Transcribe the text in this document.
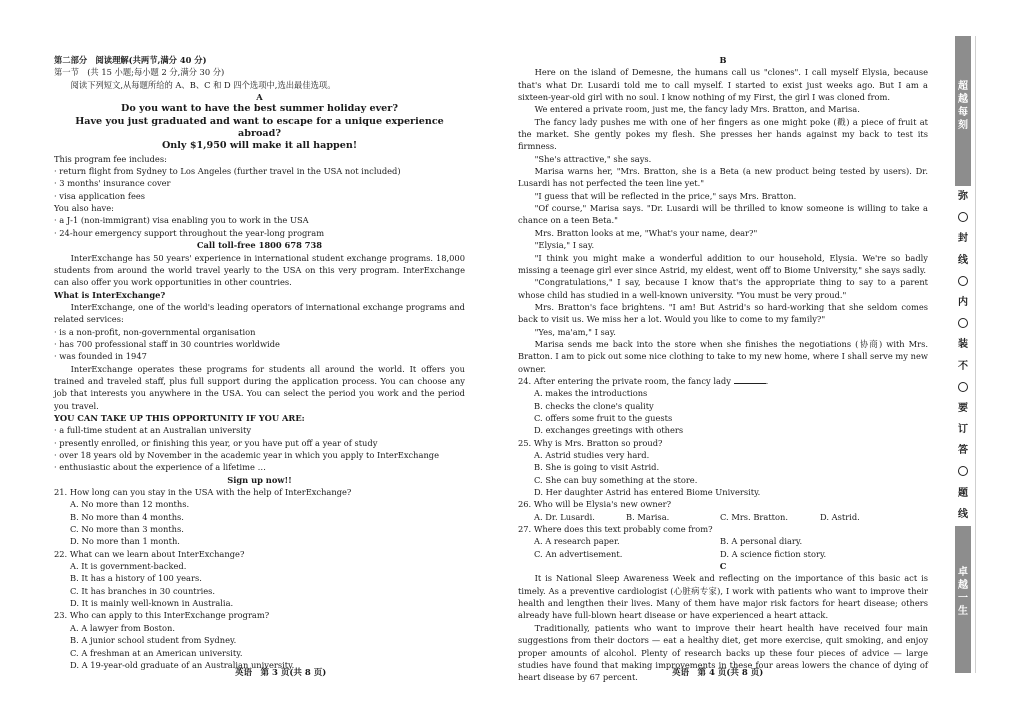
第二部分　阅读理解(共两节,满分 40 分)
第一节　(共 15 小题;每小题 2 分,满分 30 分)
阅读下列短文,从每题所给的 A、B、C 和 D 四个选项中,选出最佳选项。
A
Do you want to have the best summer holiday ever?
Have you just graduated and want to escape for a unique experience abroad?
Only $1,950 will make it all happen!
This program fee includes:
· return flight from Sydney to Los Angeles (further travel in the USA not included)
· 3 months' insurance cover
· visa application fees
You also have:
· a J-1 (non-immigrant) visa enabling you to work in the USA
· 24-hour emergency support throughout the year-long program
Call toll-free 1800 678 738
InterExchange has 50 years' experience in international student exchange programs. 18,000 students from around the world travel yearly to the USA on this very program. InterExchange can also offer you work opportunities in other countries.
What is InterExchange?
InterExchange, one of the world's leading operators of international exchange programs and related services:
· is a non-profit, non-governmental organisation
· has 700 professional staff in 30 countries worldwide
· was founded in 1947
InterExchange operates these programs for students all around the world. It offers you trained and traveled staff, plus full support during the application process. You can choose any job that interests you anywhere in the USA. You can select the period you work and the period you travel.
YOU CAN TAKE UP THIS OPPORTUNITY IF YOU ARE:
· a full-time student at an Australian university
· presently enrolled, or finishing this year, or you have put off a year of study
· over 18 years old by November in the academic year in which you apply to InterExchange
· enthusiastic about the experience of a lifetime …
Sign up now!!
21. How long can you stay in the USA with the help of InterExchange?
A. No more than 12 months.
B. No more than 4 months.
C. No more than 3 months.
D. No more than 1 month.
22. What can we learn about InterExchange?
A. It is government-backed.
B. It has a history of 100 years.
C. It has branches in 30 countries.
D. It is mainly well-known in Australia.
23. Who can apply to this InterExchange program?
A. A lawyer from Boston.
B. A junior school student from Sydney.
C. A freshman at an American university.
D. A 19-year-old graduate of an Australian university.
B
Here on the island of Demesne, the humans call us "clones". I call myself Elysia, because that's what Dr. Lusardi told me to call myself. I started to exist just weeks ago. But I am a sixteen-year-old girl with no soul. I know nothing of my First, the girl I was cloned from.
We entered a private room, just me, the fancy lady Mrs. Bratton, and Marisa.
The fancy lady pushes me with one of her fingers as one might poke (戳) a piece of fruit at the market. She gently pokes my flesh. She presses her hands against my back to test its firmness.
"She's attractive," she says.
Marisa warns her, "Mrs. Bratton, she is a Beta (a new product being tested by users). Dr. Lusardi has not perfected the teen line yet."
"I guess that will be reflected in the price," says Mrs. Bratton.
"Of course," Marisa says. "Dr. Lusardi will be thrilled to know someone is willing to take a chance on a teen Beta."
Mrs. Bratton looks at me, "What's your name, dear?"
"Elysia," I say.
"I think you might make a wonderful addition to our household, Elysia. We're so badly missing a teenage girl ever since Astrid, my eldest, went off to Biome University," she says sadly.
"Congratulations," I say, because I know that's the appropriate thing to say to a parent whose child has studied in a well-known university. "You must be very proud."
Mrs. Bratton's face brightens. "I am! But Astrid's so hard-working that she seldom comes back to visit us. We miss her a lot. Would you like to come to my family?"
"Yes, ma'am," I say.
Marisa sends me back into the store when she finishes the negotiations (协商) with Mrs. Bratton. I am to pick out some nice clothing to take to my new home, where I shall serve my new owner.
24. After entering the private room, the fancy lady	.
A. makes the introductions
B. checks the clone's quality
C. offers some fruit to the guests
D. exchanges greetings with others
25. Why is Mrs. Bratton so proud?
A. Astrid studies very hard.
B. She is going to visit Astrid.
C. She can buy something at the store.
D. Her daughter Astrid has entered Biome University.
26. Who will be Elysia's new owner?
A. Dr. Lusardi.	B. Marisa.	C. Mrs. Bratton.	D. Astrid.
27. Where does this text probably come from?
A. A research paper.	B. A personal diary.
C. An advertisement.	D. A science fiction story.
C
It is National Sleep Awareness Week and reflecting on the importance of this basic act is timely. As a preventive cardiologist (心脏病专家), I work with patients who want to improve their health and lengthen their lives. Many of them have major risk factors for heart disease; others already have full-blown heart disease or have experienced a heart attack.
Traditionally, patients who want to improve their heart health have received four main suggestions from their doctors — eat a healthy diet, get more exercise, quit smoking, and enjoy proper amounts of alcohol. Plenty of research backs up these four pieces of advice — large studies have found that making improvements in these four areas lowers the chance of dying of heart disease by 67 percent.
英语　第 3 页(共 8 页)	英语　第 4 页(共 8 页)
超
越
每
刻
弥
封
线
内
装
不
要
订
答
题
线
卓
越
一
生
